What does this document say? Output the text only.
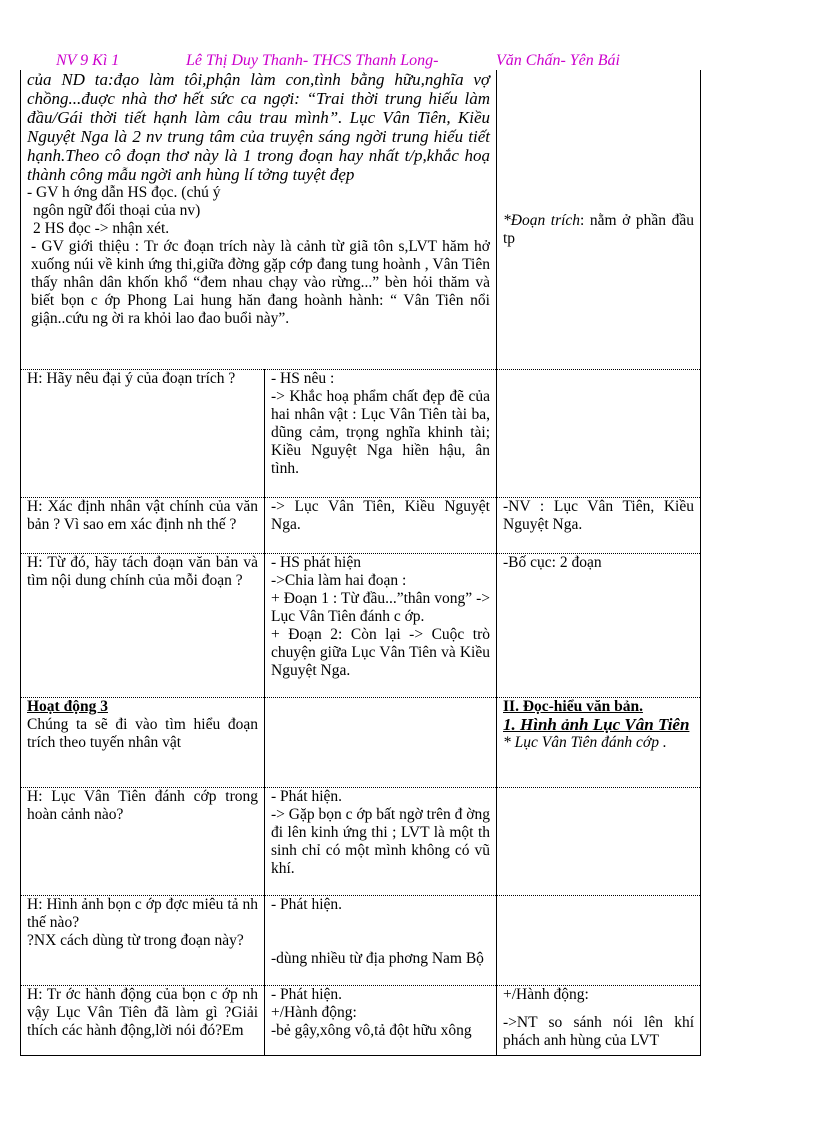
NV 9 Kì 1	Lê Thị Duy Thanh- THCS Thanh Long-	Văn Chấn- Yên Bái
của ND ta:đạo làm tôi,phận làm con,tình bằng hữu,nghĩa vợ chồng...đuợc nhà thơ hết sức ca ngợi: “Trai thời trung hiếu làm đầu/Gái thời tiết hạnh làm câu trau mình”. Lục Vân Tiên, Kiều Nguyệt Nga là 2 nv trung tâm của truyện sáng ngời trung hiếu tiết hạnh.Theo cô đoạn thơ này là 1 trong đoạn hay nhất t/p,khắc hoạ thành công mẫu ngời anh hùng lí tởng tuyệt đẹp
- GV h ớng dẫn HS đọc. (chú ý
ngôn ngữ đối thoại của nv)
2 HS đọc -> nhận xét.
- GV giới thiệu : Tr ớc đoạn trích này là cảnh từ giã tôn s,LVT hăm hở xuống núi về kinh ứng thi,giữa đờng gặp cớp đang tung hoành , Vân Tiên thấy nhân dân khốn khổ “đem nhau chạy vào rừng...” bèn hỏi thăm và biết bọn c ớp Phong Lai hung hăn đang hoành hành: “ Vân Tiên nổi giận..cứu ng ời ra khỏi lao đao buổi này”.		*Đoạn trích: nằm ở phần đầu tp
H: Hãy nêu đại ý của đoạn trích ?	- HS nêu :
-> Khắc hoạ phẩm chất đẹp đẽ của hai nhân vật : Lục Vân Tiên tài ba, dũng cảm, trọng nghĩa khinh tài; Kiều Nguyệt Nga hiền hậu, ân tình.	

H: Xác định nhân vật chính của văn bản ? Vì sao em xác định nh thế ?	-> Lục Vân Tiên, Kiều Nguyệt Nga.	-NV : Lục Vân Tiên, Kiều Nguyệt Nga.
H: Từ đó, hãy tách đoạn văn bản và tìm nội dung chính của mỗi đoạn ?	- HS phát hiện
->Chia làm hai đoạn :
+ Đoạn 1 : Từ đầu...”thân vong” -> Lục Vân Tiên đánh c ớp.
+ Đoạn 2: Còn lại -> Cuộc trò chuyện giữa Lục Vân Tiên và Kiều Nguyệt Nga.	-Bố cục: 2 đoạn

Hoạt động 3
Chúng ta sẽ đi vào tìm hiểu đoạn trích theo tuyến nhân vật		II. Đọc-hiểu văn bản.
1. Hình ảnh Lục Vân Tiên
* Lục Vân Tiên đánh cớp .

H: Lục Vân Tiên đánh cớp trong hoàn cảnh nào?	- Phát hiện.
-> Gặp bọn c ớp bất ngờ trên đ ờng đi lên kinh ứng thi ; LVT là một th sinh chỉ có một mình không có vũ khí.	

H: Hình ảnh bọn c ớp đợc miêu tả nh thế nào?
?NX cách dùng từ trong đoạn này?	- Phát hiện.
-dùng nhiều từ địa phơng Nam Bộ	

H: Tr ớc hành động của bọn c ớp nh vậy Lục Vân Tiên đã làm gì ?Giải thích các hành động,lời nói đó?Em	- Phát hiện.
+/Hành động:
-bẻ gậy,xông vô,tả đột hữu xông	+/Hành động:
->NT so sánh nói lên khí phách anh hùng của LVT
